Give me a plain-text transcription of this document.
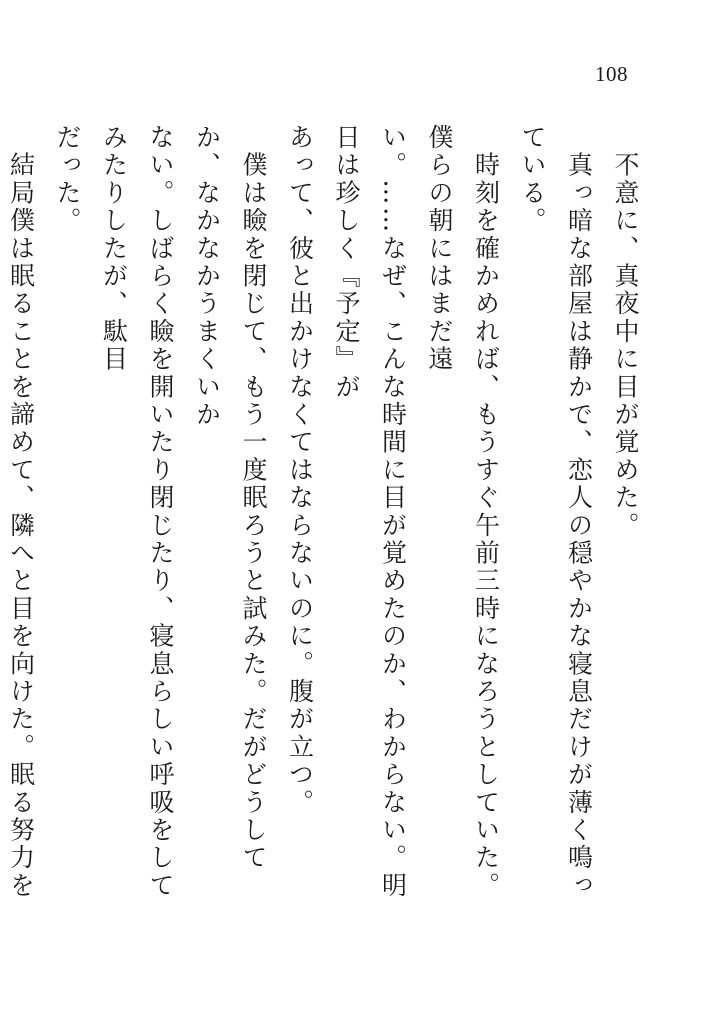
108

　不意に、真夜中に目が覚めた。

　真っ暗な部屋は静かで、恋人の穏やかな寝息だけが薄く鳴っている。

　時刻を確かめれば、もうすぐ午前三時になろうとしていた。僕らの朝にはまだ遠

い。……なぜ、こんな時間に目が覚めたのか、わからない。明日は珍しく『予定』が

あって、彼と出かけなくてはならないのに。腹が立つ。

　僕は瞼を閉じて、もう一度眠ろうと試みた。だがどうしてか、なかなかうまくいか

ない。しばらく瞼を開いたり閉じたり、寝息らしい呼吸をしてみたりしたが、駄目

だった。

　結局僕は眠ることを諦めて、隣へと目を向けた。眠る努力を
